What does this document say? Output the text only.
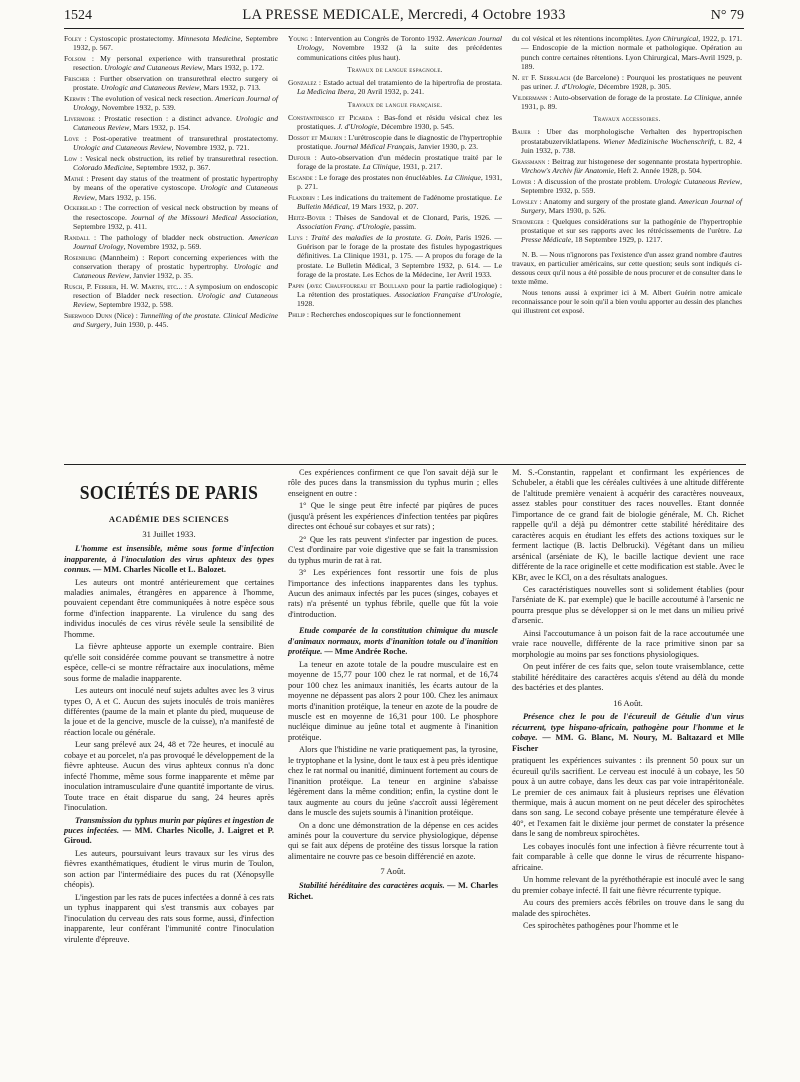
1524	LA PRESSE MEDICALE, Mercredi, 4 Octobre 1933	N° 79
Foley : Cystoscopic prostatectomy. Minnesota Medicine, Septembre 1932, p. 567.
Folsom : My personal experience with transurethral prostatic resection. Urologic and Cutaneous Review, Mars 1932, p. 172.
Frischer : Further observation on transurethral electro surgery oi prostate. Urologic and Cutaneous Review, Mars 1932, p. 713.
Kerwin : The evolution of vesical neck resection. American Journal of Urology, Novembre 1932, p. 539.
Livermore : Prostatic resection : a distinct advance. Urologic and Cutaneous Review, Mars 1932, p. 154.
Love : Post-operative treatment of transurethral prostatectomy. Urologic and Cutaneous Review, Novembre 1932, p. 721.
Low : Vesical neck obstruction, its relief by transurethral resection. Colorado Medicine, Septembre 1932, p. 367.
Mathé : Present day status of the treatment of prostatic hypertrophy by means of the operative cystoscope. Urologic and Cutaneous Review, Mars 1932, p. 156.
Ockerblad : The correction of vesical neck obstruction by means of the resectoscope. Journal of the Missouri Medical Association, Septembre 1932, p. 411.
Randall : The pathology of bladder neck obstruction. American Journal Urology, Novembre 1932, p. 569.
Rosenburg (Mannheim) : Report concerning experiences with the conservation therapy of prostatic hypertrophy. Urologic and Cutaneous Review, Janvier 1932, p. 35.
Rusch, P. Ferrier, H. W. Martin, etc... : A symposium on endoscopic resection of Bladder neck resection. Urologic and Cutaneous Review, Septembre 1932, p. 598.
Sherwood Dunn (Nice) : Tunnelling of the prostate. Clinical Medicine and Surgery, Juin 1930, p. 445.
Young : Intervention au Congrès de Toronto 1932. American Journal Urology, Novembre 1932 (à la suite des précédentes communications citées plus haut).
Travaux de langue espagnole.
Gonzalez : Estado actual del tratamiento de la hipertrofia de prostata. La Medicina Ibera, 20 Avril 1932, p. 241.
Travaux de langue française.
Constantinesco et Picarda : Bas-fond et résidu vésical chez les prostatiques. J. d'Urologie, Décembre 1930, p. 545.
Dossot et Maurin : L'urétroscopie dans le diagnostic de l'hypertrophie prostatique. Journal Médical Français, Janvier 1930, p. 23.
Dufour : Auto-observation d'un médecin prostatique traité par le forage de la prostate. La Clinique, 1931, p. 217.
Escande : Le forage des prostates non énucléables. La Clinique, 1931, p. 271.
Flandrin : Les indications du traitement de l'adénome prostatique. Le Bulletin Médical, 19 Mars 1932, p. 207.
Heitz-Boyer : Thèses de Sandoval et de Clonard, Paris, 1926. — Association Franç. d'Urologie, passim.
Luys : Traité des maladies de la prostate. G. Doin, Paris 1926. — Guérison par le forage de la prostate des fistules hypogastriques définitives. La Clinique 1931, p. 175. — A propos du forage de la prostate. Le Bulletin Médical, 3 Septembre 1932, p. 614. — Le forage de la prostate. Les Echos de la Médecine, 1er Avril 1933.
Papin (avec Chauffoureau et Boulland pour la partie radiologique) : La rétention des prostatiques. Association Française d'Urologie, 1928.
Philip : Recherches endoscopiques sur le fonctionnement
du col vésical et les rétentions incomplètes. Lyon Chirurgical, 1922, p. 171. — Endoscopie de la miction normale et pathologique. Opération au punch contre certaines rétentions. Lyon Chirurgical, Mars-Avril 1929, p. 189.
N. et F. Serralach (de Barcelone) : Pourquoi les prostatiques ne peuvent pas uriner. J. d'Urologie, Décembre 1928, p. 305.
Vildermann : Auto-observation de forage de la prostate. La Clinique, année 1931, p. 89.
Travaux accessoires.
Bauer : Uber das morphologische Verhalten des hypertropischen prostatabuzerviklatlapens. Wiener Medizinische Wochenschrift, t. 82, 4 Juin 1932, p. 738.
Grassmann : Beitrag zur histogenese der sogennante prostata hypertrophie. Virchow's Archiv für Anatomie, Heft 2. Année 1928, p. 504.
Lower : A discussion of the prostate problem. Urologic Cutaneous Review, Septembre 1932, p. 559.
Lowsley : Anatomy and surgery of the prostate gland. American Journal of Surgery, Mars 1930, p. 526.
Stromeger : Quelques considérations sur la pathogénie de l'hypertrophie prostatique et sur ses rapports avec les rétrécissements de l'urètre. La Presse Médicale, 18 Septembre 1929, p. 1217.

N. B. — Nous n'ignorons pas l'existence d'un assez grand nombre d'autres travaux, en particulier américains, sur cette question; seuls sont indiqués ci-dessous ceux qu'il nous a été possible de nous procurer et de consulter dans le texte même.

Nous tenons aussi à exprimer ici à M. Albert Guérin notre amicale reconnaissance pour le soin qu'il a bien voulu apporter au dessin des planches qui illustrent cet exposé.

SOCIÉTÉS DE PARIS
ACADÉMIE DES SCIENCES
31 Juillet 1933.

L'homme est insensible, même sous forme d'infection inapparente, à l'inoculation des virus aphteux des types connus. — MM. Charles Nicolle et L. Balozet.

Les auteurs ont montré antérieurement que certaines maladies animales, étrangères en apparence à l'homme, pouvaient cependant être communiquées à notre espèce sous forme d'infection inapparente. La virulence du sang des individus inoculés de ces virus révèle seule la sensibilité de l'homme.

La fièvre aphteuse apporte un exemple contraire. Bien qu'elle soit considérée comme pouvant se transmettre à notre espèce, celle-ci se montre réfractaire aux inoculations, même sous forme de maladie inapparente.

Les auteurs ont inoculé neuf sujets adultes avec les 3 virus types O, A et C. Aucun des sujets inoculés de trois manières différentes (paume de la main et plante du pied, muqueuse de la joue et de la gencive, muscle de la cuisse), n'a manifesté de réaction locale ou générale.

Leur sang prélevé aux 24, 48 et 72e heures, et inoculé au cobaye et au porcelet, n'a pas provoqué le développement de la fièvre aphteuse. Aucun des virus aphteux connus n'a donc infecté l'homme, même sous forme inapparente et même par inoculation intramusculaire d'une quantité importante de virus. Toute trace en était disparue du sang, 24 heures après l'inoculation.

Transmission du typhus murin par piqûres et ingestion de puces infectées. — MM. Charles Nicolle, J. Laigret et P. Giroud.

Les auteurs, poursuivant leurs travaux sur les virus des fièvres exanthématiques, étudient le virus murin de Toulon, son action par l'intermédiaire des puces du rat (Xénopsylle chéopis).

L'ingestion par les rats de puces infectées a donné à ces rats un typhus inapparent qui s'est transmis aux cobayes par l'inoculation du cerveau des rats sous forme, aussi, d'infection inapparente, leur conférant l'immunité contre l'inoculation virulente d'épreuve.

Ces expériences confirment ce que l'on savait déjà sur le rôle des puces dans la transmission du typhus murin ; elles enseignent en outre :

1° Que le singe peut être infecté par piqûres de puces (jusqu'à présent les expériences d'infection tentées par piqûres directes ont échoué sur cobayes et sur rats) ;

2° Que les rats peuvent s'infecter par ingestion de puces. C'est d'ordinaire par voie digestive que se fait la transmission du typhus murin de rat à rat.

3° Les expériences font ressortir une fois de plus l'importance des infections inapparentes dans les typhus. Aucun des animaux infectés par les puces (singes, cobayes et rats) n'a présenté un typhus fébrile, quelle que fût la voie d'introduction.

Etude comparée de la constitution chimique du muscle d'animaux normaux, morts d'inanition totale ou d'inanition protéique. — Mme Andrée Roche.

La teneur en azote totale de la poudre musculaire est en moyenne de 15,77 pour 100 chez le rat normal, et de 16,74 pour 100 chez les animaux inanitiés, les écarts autour de la moyenne ne dépassent pas alors 2 pour 100. Chez les animaux morts d'inanition protéique, la teneur en azote de la poudre de muscle est en moyenne de 16,31 pour 100. Le phosphore nucléique diminue au jeûne total et augmente à l'inanition protéique.

Alors que l'histidine ne varie pratiquement pas, la tyrosine, le tryptophane et la lysine, dont le taux est à peu près identique chez le rat normal ou inanitié, diminuent fortement au cours de l'inanition protéique. La teneur en arginine s'abaisse légèrement dans la même condition; enfin, la cystine dont le taux augmente au cours du jeûne s'accroît aussi légèrement dans le muscle des sujets soumis à l'inanition protéique.

On a donc une démonstration de la dépense en ces acides aminés pour la couverture du service physiologique, dépense qui se fait aux dépens de protéine des tissus lorsque la ration alimentaire ne couvre pas ce besoin différencié en azote.

7 Août.

Stabilité héréditaire des caractères acquis. — M. Charles Richet.

M. S.-Constantin, rappelant et confirmant les expériences de Schubeler, a établi que les céréales cultivées à une altitude différente de l'altitude première venaient à acquérir des caractères nouveaux, assez stables pour constituer des races nouvelles. Etant donnée l'importance de ce grand fait de biologie générale, M. Ch. Richet rappelle qu'il a déjà pu démontrer cette stabilité héréditaire des caractères acquis en étudiant les effets des actions toxiques sur le ferment lactique (B. lactis Delbrucki). Végétant dans un milieu arsénical (arséniate de K), le bacille lactique devient une race différente de la race originelle et cette modification est stable. Avec le KBr, avec le KCl, on a des résultats analogues.

Ces caractéristiques nouvelles sont si solidement établies (pour l'arséniate de K. par exemple) que le bacille accoutumé à l'arsenic ne pourra presque plus se développer si on le met dans un milieu privé d'arsenic.

Ainsi l'accoutumance à un poison fait de la race accoutumée une vraie race nouvelle, différente de la race primitive sinon par sa morphologie au moins par ses fonctions physiologiques.

On peut inférer de ces faits que, selon toute vraisemblance, cette stabilité héréditaire des caractères acquis s'étend au délà du monde des bactéries et des plantes.

16 Août.

Présence chez le pou de l'écureuil de Gétulie d'un virus récurrent, type hispano-africain, pathogène pour l'homme et le cobaye. — MM. G. Blanc, M. Noury, M. Baltazard et Mlle Fischer

pratiquent les expériences suivantes : ils prennent 50 poux sur un écureuil qu'ils sacrifient. Le cerveau est inoculé à un cobaye, les 50 poux à un autre cobaye, dans les deux cas par voie intrapéritonéale. Le premier de ces animaux fait à plusieurs reprises une élévation thermique, mais à aucun moment on ne peut déceler des spirochètes dans son sang. Le second cobaye présente une température élevée à 40°, et l'examen fait le dixième jour permet de constater la présence dans le sang de nombreux spirochètes.

Les cobayes inoculés font une infection à fièvre récurrente tout à fait comparable à celle que donne le virus de récurrente hispano-africaine.

Un homme relevant de la pyréthothérapie est inoculé avec le sang du premier cobaye infecté. Il fait une fièvre récurrente typique.

Au cours des premiers accès fébriles on trouve dans le sang du malade des spirochètes.

Ces spirochètes pathogènes pour l'homme et le
